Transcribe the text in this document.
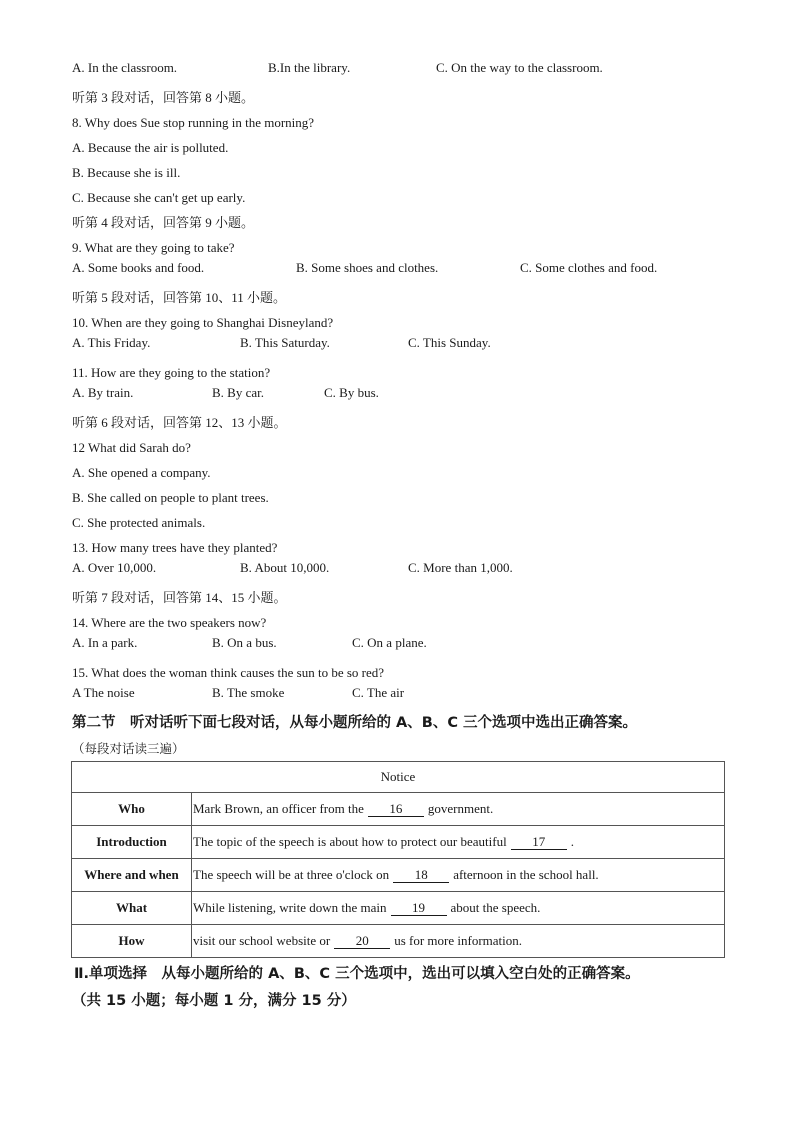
A. In the classroom.	B.In the library.	C. On the way to the classroom.
听第 3 段对话，回答第 8 小题。
8. Why does Sue stop running in the morning?
A. Because the air is polluted.
B. Because she is ill.
C. Because she can't get up early.
听第 4 段对话，回答第 9 小题。
9. What are they going to take?
A. Some books and food.	B. Some shoes and clothes.	C. Some clothes and food.
听第 5 段对话，回答第 10、11 小题。
10. When are they going to Shanghai Disneyland?
A. This Friday.	B. This Saturday.	C. This Sunday.
11. How are they going to the station?
A. By train.	B. By car.	C. By bus.
听第 6 段对话，回答第 12、13 小题。
12 What did Sarah do?
A. She opened a company.
B. She called on people to plant trees.
C. She protected animals.
13. How many trees have they planted?
A. Over 10,000.	B. About 10,000.	C. More than 1,000.
听第 7 段对话，回答第 14、15 小题。
14. Where are the two speakers now?
A. In a park.	B. On a bus.	C. On a plane.
15. What does the woman think causes the sun to be so red?
A The noise	B. The smoke	C. The air
第二节　听对话听下面七段对话，从每小题所给的 A、B、C 三个选项中选出正确答案。
（每段对话读三遍）
Notice	
Who	Mark Brown, an officer from the 16 government.
Introduction	The topic of the speech is about how to protect our beautiful 17 .
Where and when	The speech will be at three o'clock on 18 afternoon in the school hall.
What	While listening, write down the main 19 about the speech.
How	visit our school website or 20 us for more information.
Ⅱ.单项选择　从每小题所给的 A、B、C 三个选项中，选出可以填入空白处的正确答案。
（共 15 小题；每小题 1 分，满分 15 分）
